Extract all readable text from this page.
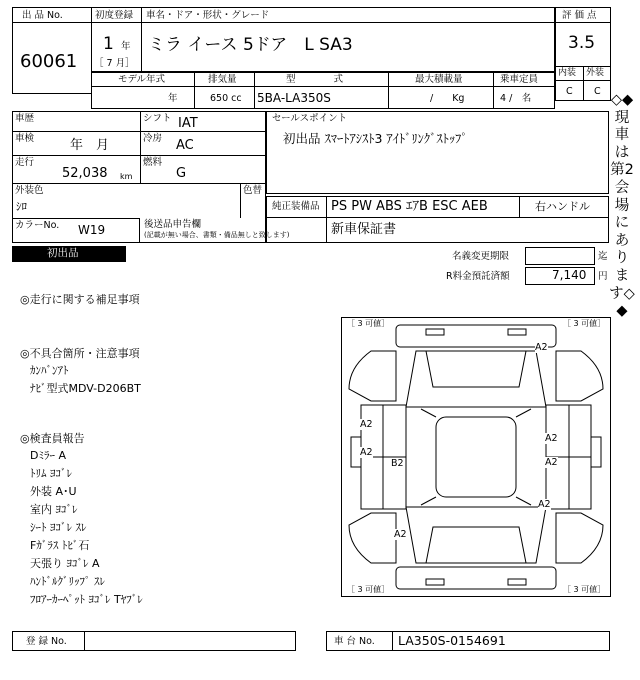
出 品 No.
60061
初度登録 車名・ドア・形状・グレード
1 年
［ 7 月］
ミラ イース 5ドア　L SA3
評 価 点
3.5
内装 外装
C C
モデル年式	排気量	型　　　　式	最大積載量	乗車定員
年	650 cc 5BA-LA350S	/　　Kg	4 /　名
車歴	シフト IAT
車検	年　月	冷房 AC
走行
52,038 km
燃料
G
外装色
ｼﾛ
色替
カラーNo. W19	後送品申告欄
(記載が無い場合、書類・備品無しと致します)
セールスポイント
初出品 ｽﾏｰﾄｱｼｽﾄ3 ｱｲﾄﾞﾘﾝｸﾞｽﾄｯﾌﾟ
純正装備品 PS PW ABS ｴｱB ESC AEB	右ハンドル
新車保証書
◇◆現車は第2会場にあります◇◆
初出品	名義変更期限	迄
R料金預託済額	7,140 円
◎走行に関する補足事項
◎不具合箇所・注意事項
ｶﾝﾊﾞﾝｱﾄ
ﾅﾋﾞ型式MDV-D206BT
◎検査員報告
Dﾐﾗｰ A
ﾄﾘﾑ ﾖｺﾞﾚ
外装 A･U
室内 ﾖｺﾞﾚ
ｼｰﾄ ﾖｺﾞﾚ ｽﾚ
Fｶﾞﾗｽ ﾄﾋﾞ石
天張り ﾖｺﾞﾚ A
ﾊﾝﾄﾞﾙｸﾞﾘｯﾌﾟ ｽﾚ
ﾌﾛｱｰｶｰﾍﾟｯﾄ ﾖｺﾞﾚ Tﾔﾌﾞﾚ
［ 3 可値］	［ 3 可値］
［ 3 可値］	［ 3 可値］
A2
A2
A2
A2
B2	A2
A2
A2
登 録 No.	車 台 No. LA350S-0154691
